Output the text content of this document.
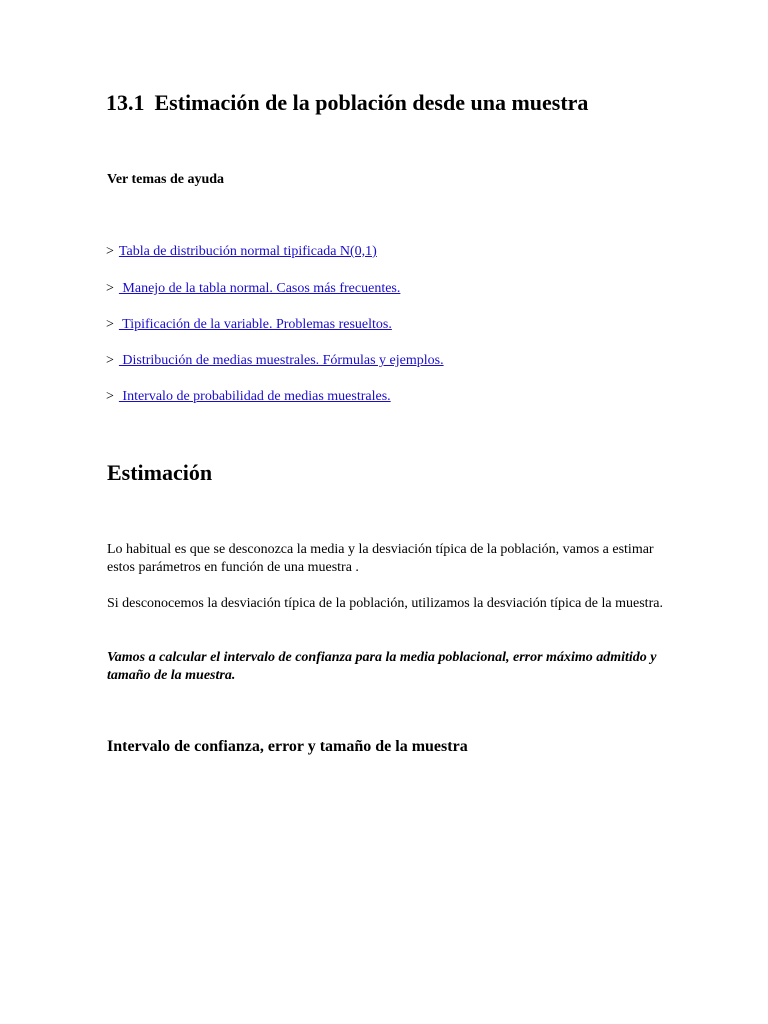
13.1 Estimación de la población desde una muestra
Ver temas de ayuda
> Tabla de distribución normal tipificada N(0,1)
> Manejo de la tabla normal. Casos más frecuentes.
> Tipificación de la variable. Problemas resueltos.
> Distribución de medias muestrales. Fórmulas y ejemplos.
> Intervalo de probabilidad de medias muestrales.
Estimación

Lo habitual es que se desconozca la media y la desviación típica de la población, vamos a estimar estos parámetros en función de una muestra .

Si desconocemos la desviación típica de la población, utilizamos la desviación típica de la muestra.

Vamos a calcular el intervalo de confianza para la media poblacional, error máximo admitido y tamaño de la muestra.

Intervalo de confianza, error y tamaño de la muestra
